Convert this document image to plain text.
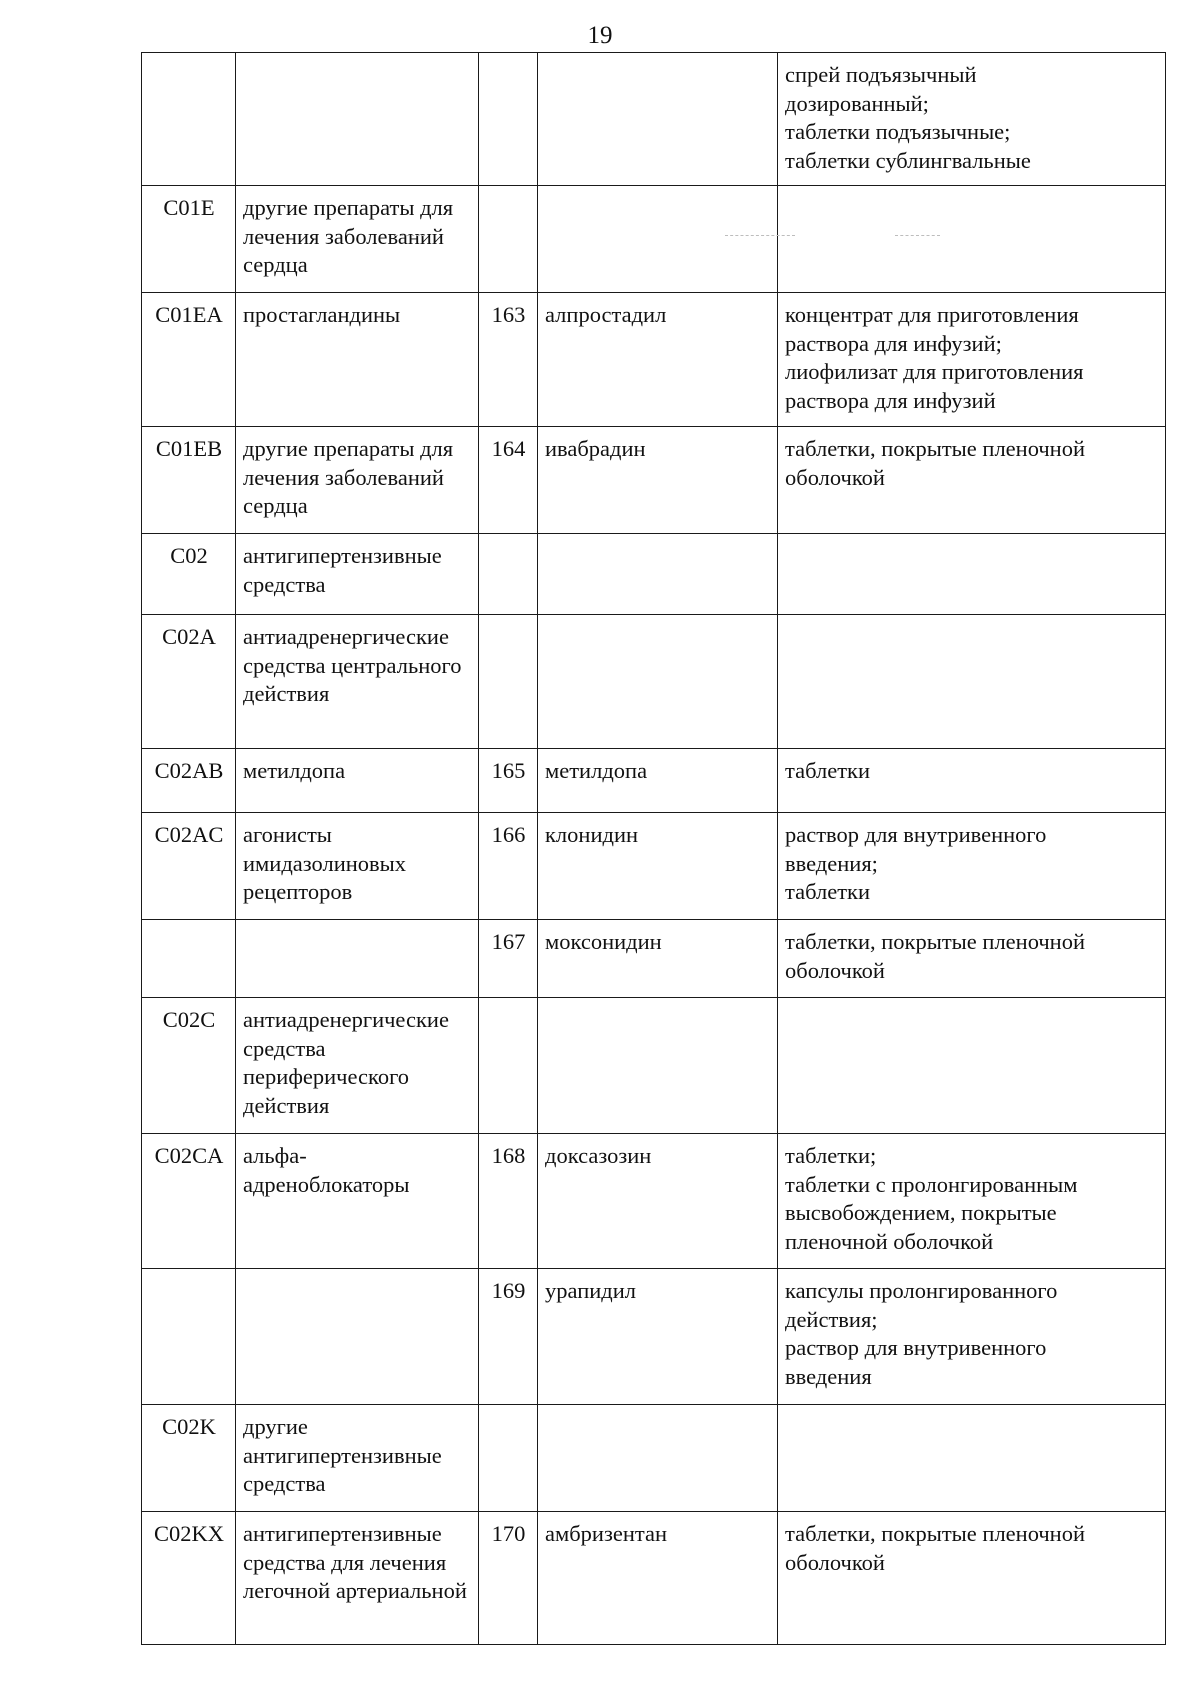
19
				спрей подъязычный
дозированный;
таблетки подъязычные;
таблетки сублингвальные
C01E	другие препараты для лечения заболеваний сердца			
C01EA	простагландины	163	алпростадил	концентрат для приготовления
раствора для инфузий;
лиофилизат для приготовления
раствора для инфузий
C01EB	другие препараты для лечения заболеваний сердца	164	ивабрадин	таблетки, покрытые пленочной
оболочкой
C02	антигипертензивные средства			
C02A	антиадренергические средства центрального действия			
C02AB	метилдопа	165	метилдопа	таблетки
C02AC	агонисты имидазолиновых рецепторов	166	клонидин	раствор для внутривенного
введения;
таблетки
		167	моксонидин	таблетки, покрытые пленочной
оболочкой
C02C	антиадренергические средства периферического действия			
C02CA	альфа-адреноблокаторы	168	доксазозин	таблетки;
таблетки с пролонгированным
высвобождением, покрытые
пленочной оболочкой
		169	урапидил	капсулы пролонгированного
действия;
раствор для внутривенного
введения
C02K	другие антигипертензивные средства			
C02KX	антигипертензивные средства для лечения легочной артериальной	170	амбризентан	таблетки, покрытые пленочной
оболочкой
